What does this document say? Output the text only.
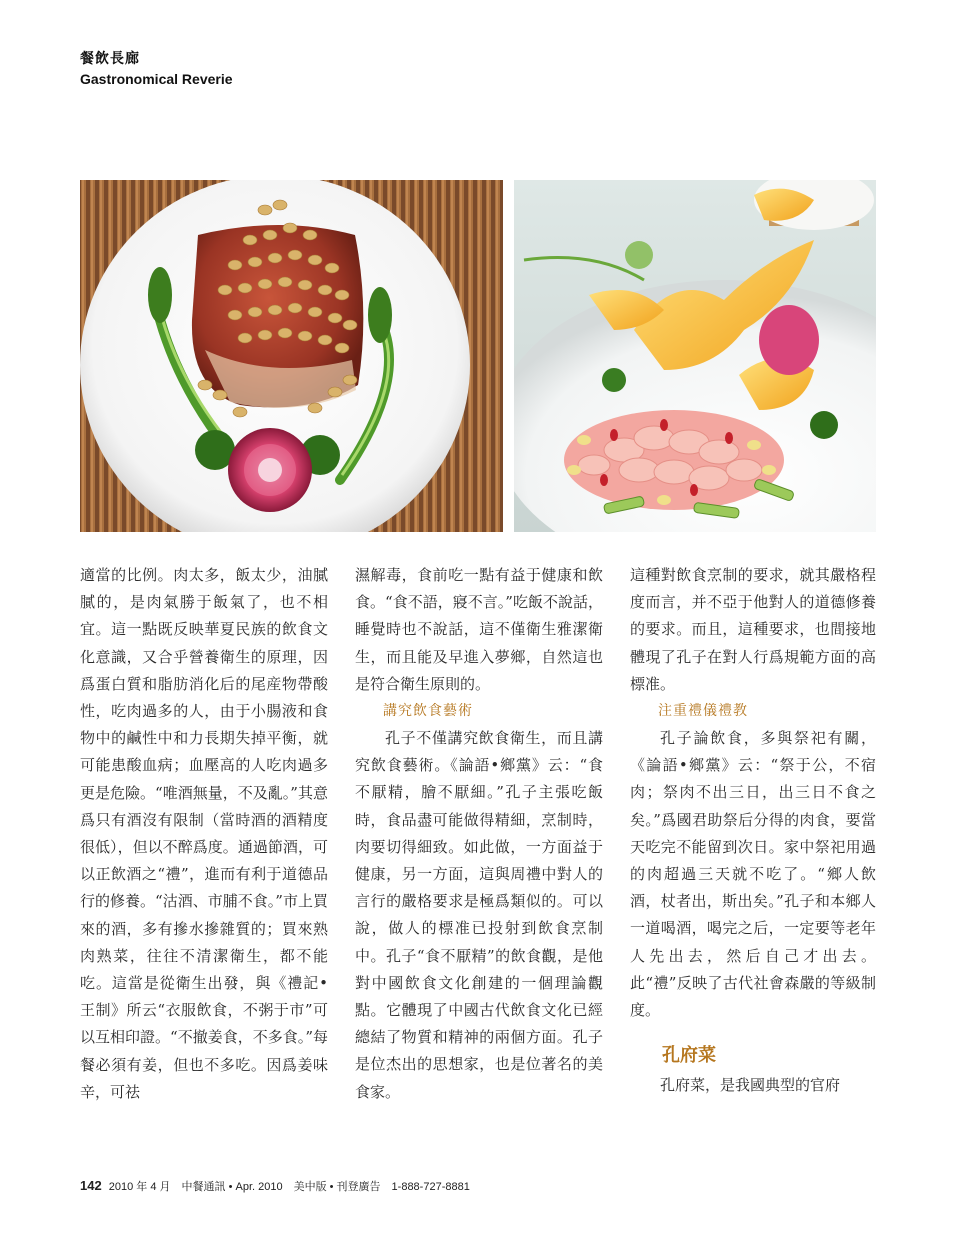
餐飲長廊
Gastronomical Reverie

適當的比例。肉太多，飯太少，油膩膩的，是肉氣勝于飯氣了，也不相宜。這一點既反映華夏民族的飲食文化意識，又合乎營養衛生的原理，因爲蛋白質和脂肪消化后的尾産物帶酸性，吃肉過多的人，由于小腸液和食物中的鹹性中和力長期失掉平衡，就可能患酸血病；血壓高的人吃肉過多更是危險。“唯酒無量，不及亂。”其意爲只有酒沒有限制（當時酒的酒精度很低），但以不醉爲度。通過節酒，可以正飲酒之“禮”，進而有利于道德品行的修養。“沽酒、市脯不食。”市上買來的酒，多有摻水摻雜質的；買來熟肉熟菜，往往不清潔衛生，都不能吃。這當是從衛生出發，與《禮記•王制》所云“衣服飲食，不粥于市”可以互相印證。“不撤姜食，不多食。”每餐必須有姜，但也不多吃。因爲姜味辛，可祛

濕解毒，食前吃一點有益于健康和飲食。“食不語，寢不言。”吃飯不說話，睡覺時也不說話，這不僅衛生雅潔衛生，而且能及早進入夢鄉，自然這也是符合衛生原則的。

講究飲食藝術

孔子不僅講究飲食衛生，而且講究飲食藝術。《論語•鄉黨》云：“食不厭精，膾不厭細。”孔子主張吃飯時，食品盡可能做得精細，烹制時，肉要切得細致。如此做，一方面益于健康，另一方面，這與周禮中對人的言行的嚴格要求是極爲類似的。可以說，做人的標准已投射到飲食烹制中。孔子“食不厭精”的飲食觀，是他對中國飲食文化創建的一個理論觀點。它體現了中國古代飲食文化已經總結了物質和精神的兩個方面。孔子是位杰出的思想家，也是位著名的美食家。

這種對飲食烹制的要求，就其嚴格程度而言，并不亞于他對人的道德修養的要求。而且，這種要求，也間接地體現了孔子在對人行爲規範方面的高標准。

注重禮儀禮教

孔子論飲食，多與祭祀有關，《論語•鄉黨》云：“祭于公，不宿肉；祭肉不出三日，出三日不食之矣。”爲國君助祭后分得的肉食，要當天吃完不能留到次日。家中祭祀用過的肉超過三天就不吃了。“鄉人飲酒，杖者出，斯出矣。”孔子和本鄉人一道喝酒，喝完之后，一定要等老年人先出去，然后自己才出去。此“禮”反映了古代社會森嚴的等級制度。

孔府菜

孔府菜，是我國典型的官府

142 2010 年 4 月　中餐通訊 • Apr. 2010　美中版 • 刊登廣告　1-888-727-8881
